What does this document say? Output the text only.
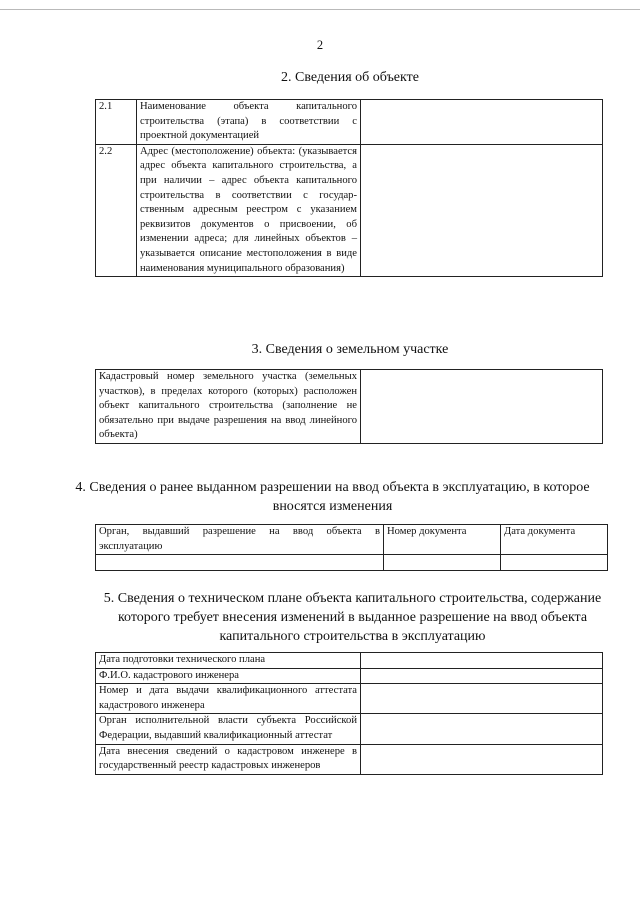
2
2. Сведения об объекте
2.1	Наименование объекта капитального строительства (этапа) в соответствии с проектной документацией	
2.2	Адрес (местоположение) объекта: (указывается адрес объекта капитального строительства, а при наличии – адрес объекта капитального строительства в соответствии с государственным адресным реестром с указанием реквизитов документов о присвоении, об изменении адреса; для линейных объектов – указывается описание местоположения в виде наименования муниципального образования)	
3. Сведения о земельном участке
Кадастровый номер земельного участка (земельных участков), в пределах которого (которых) расположен объект капитального строительства (заполнение не обязательно при выдаче разрешения на ввод линейного объекта)	
4. Сведения о ранее выданном разрешении на ввод объекта в эксплуатацию, в которое вносятся изменения
Орган, выдавший разрешение на ввод объекта в эксплуатацию	Номер документа	Дата документа

5. Сведения о техническом плане объекта капитального строительства, содержание которого требует внесения изменений в выданное разрешение на ввод объекта капитального строительства в эксплуатацию
Дата подготовки технического плана	
Ф.И.О. кадастрового инженера	
Номер и дата выдачи квалификационного аттестата кадастрового инженера	
Орган исполнительной власти субъекта Российской Федерации, выдавший квалификационный аттестат	
Дата внесения сведений о кадастровом инженере в государственный реестр кадастровых инженеров	
